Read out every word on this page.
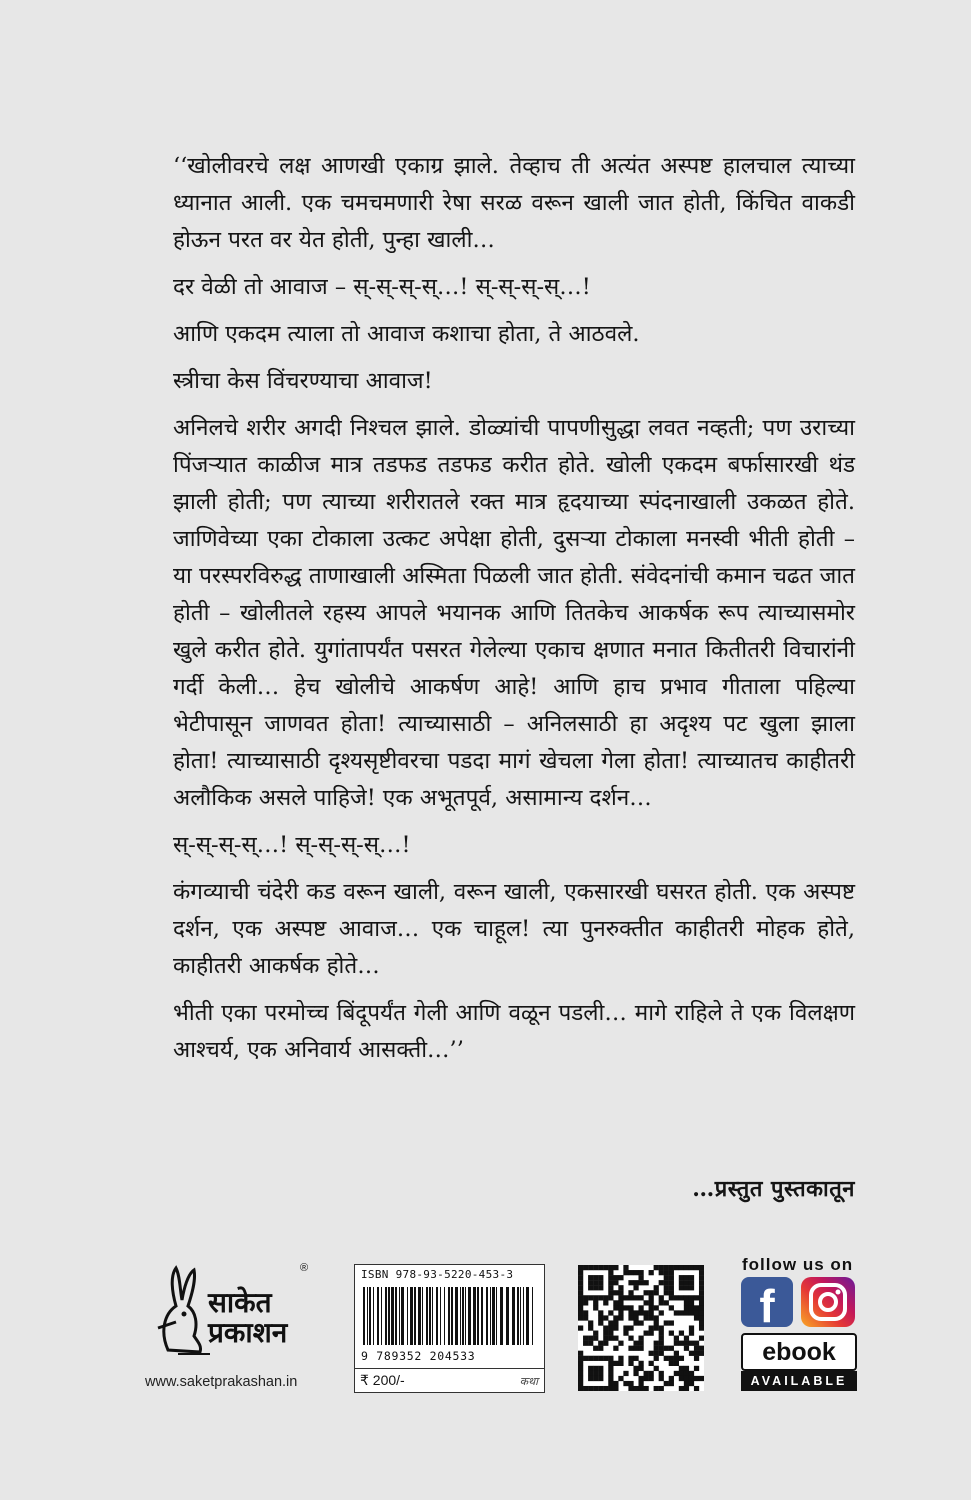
‘‘खोलीवरचे लक्ष आणखी एकाग्र झाले. तेव्हाच ती अत्यंत अस्पष्ट हालचाल त्याच्या ध्यानात आली. एक चमचमणारी रेषा सरळ वरून खाली जात होती, किंचित वाकडी होऊन परत वर येत होती, पुन्हा खाली…

दर वेळी तो आवाज – स्-स्-स्-स्…! स्-स्-स्-स्…!

आणि एकदम त्याला तो आवाज कशाचा होता, ते आठवले.

स्त्रीचा केस विंचरण्याचा आवाज!

अनिलचे शरीर अगदी निश्चल झाले. डोळ्यांची पापणीसुद्धा लवत नव्हती; पण उराच्या पिंजऱ्यात काळीज मात्र तडफड तडफड करीत होते. खोली एकदम बर्फासारखी थंड झाली होती; पण त्याच्या शरीरातले रक्त मात्र हृदयाच्या स्पंदनाखाली उकळत होते. जाणिवेच्या एका टोकाला उत्कट अपेक्षा होती, दुसऱ्या टोकाला मनस्वी भीती होती – या परस्परविरुद्ध ताणाखाली अस्मिता पिळली जात होती. संवेदनांची कमान चढत जात होती – खोलीतले रहस्य आपले भयानक आणि तितकेच आकर्षक रूप त्याच्यासमोर खुले करीत होते. युगांतापर्यंत पसरत गेलेल्या एकाच क्षणात मनात कितीतरी विचारांनी गर्दी केली… हेच खोलीचे आकर्षण आहे! आणि हाच प्रभाव गीताला पहिल्या भेटीपासून जाणवत होता! त्याच्यासाठी – अनिलसाठी हा अदृश्य पट खुला झाला होता! त्याच्यासाठी दृश्यसृष्टीवरचा पडदा मागं खेचला गेला होता! त्याच्यातच काहीतरी अलौकिक असले पाहिजे! एक अभूतपूर्व, असामान्य दर्शन…

स्-स्-स्-स्…! स्-स्-स्-स्…!

कंगव्याची चंदेरी कड वरून खाली, वरून खाली, एकसारखी घसरत होती. एक अस्पष्ट दर्शन, एक अस्पष्ट आवाज… एक चाहूल! त्या पुनरुक्तीत काहीतरी मोहक होते, काहीतरी आकर्षक होते…

भीती एका परमोच्च बिंदूपर्यंत गेली आणि वळून पडली… मागे राहिले ते एक विलक्षण आश्चर्य, एक अनिवार्य आसक्ती…’’

…प्रस्तुत पुस्तकातून
साकेत प्रकाशन
®
www.saketprakashan.in
ISBN 978-93-5220-453-3
9 789352 204533
₹ 200/-	कथा
follow us on
f
ebook
AVAILABLE
